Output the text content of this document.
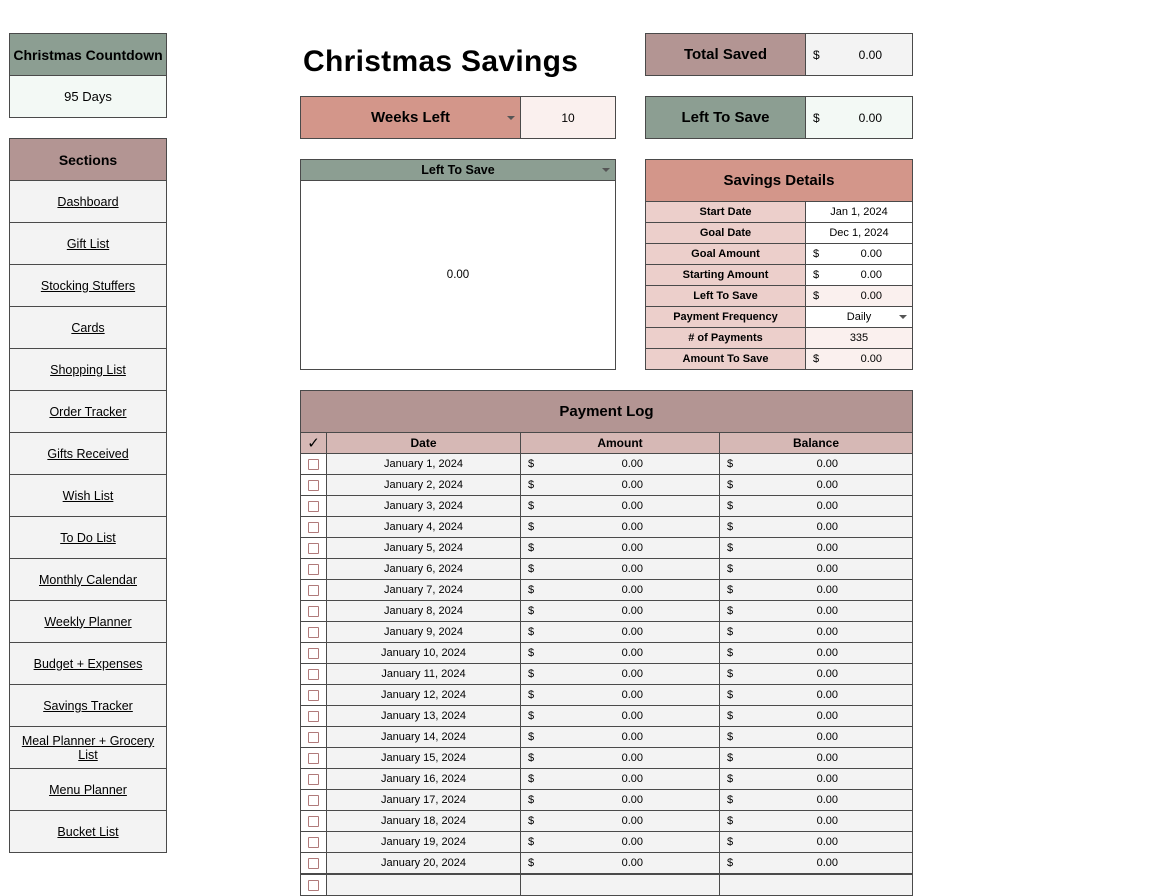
Christmas Countdown
95 Days
Sections
Dashboard
Gift List
Stocking Stuffers
Cards
Shopping List
Order Tracker
Gifts Received
Wish List
To Do List
Monthly Calendar
Weekly Planner
Budget + Expenses
Savings Tracker
Meal Planner + Grocery List
Menu Planner
Bucket List
Christmas Savings
Weeks Left	10
Total Saved	$	0.00
Left To Save	$	0.00
Left To Save
0.00
Savings Details
Start Date	Jan 1, 2024
Goal Date	Dec 1, 2024
Goal Amount	$	0.00
Starting Amount	$	0.00
Left To Save	$	0.00
Payment Frequency	Daily
# of Payments	335
Amount To Save	$	0.00
Payment Log
✓	Date	Amount	Balance
January 1, 2024	$	0.00	$	0.00
January 2, 2024	$	0.00	$	0.00
January 3, 2024	$	0.00	$	0.00
January 4, 2024	$	0.00	$	0.00
January 5, 2024	$	0.00	$	0.00
January 6, 2024	$	0.00	$	0.00
January 7, 2024	$	0.00	$	0.00
January 8, 2024	$	0.00	$	0.00
January 9, 2024	$	0.00	$	0.00
January 10, 2024	$	0.00	$	0.00
January 11, 2024	$	0.00	$	0.00
January 12, 2024	$	0.00	$	0.00
January 13, 2024	$	0.00	$	0.00
January 14, 2024	$	0.00	$	0.00
January 15, 2024	$	0.00	$	0.00
January 16, 2024	$	0.00	$	0.00
January 17, 2024	$	0.00	$	0.00
January 18, 2024	$	0.00	$	0.00
January 19, 2024	$	0.00	$	0.00
January 20, 2024	$	0.00	$	0.00
